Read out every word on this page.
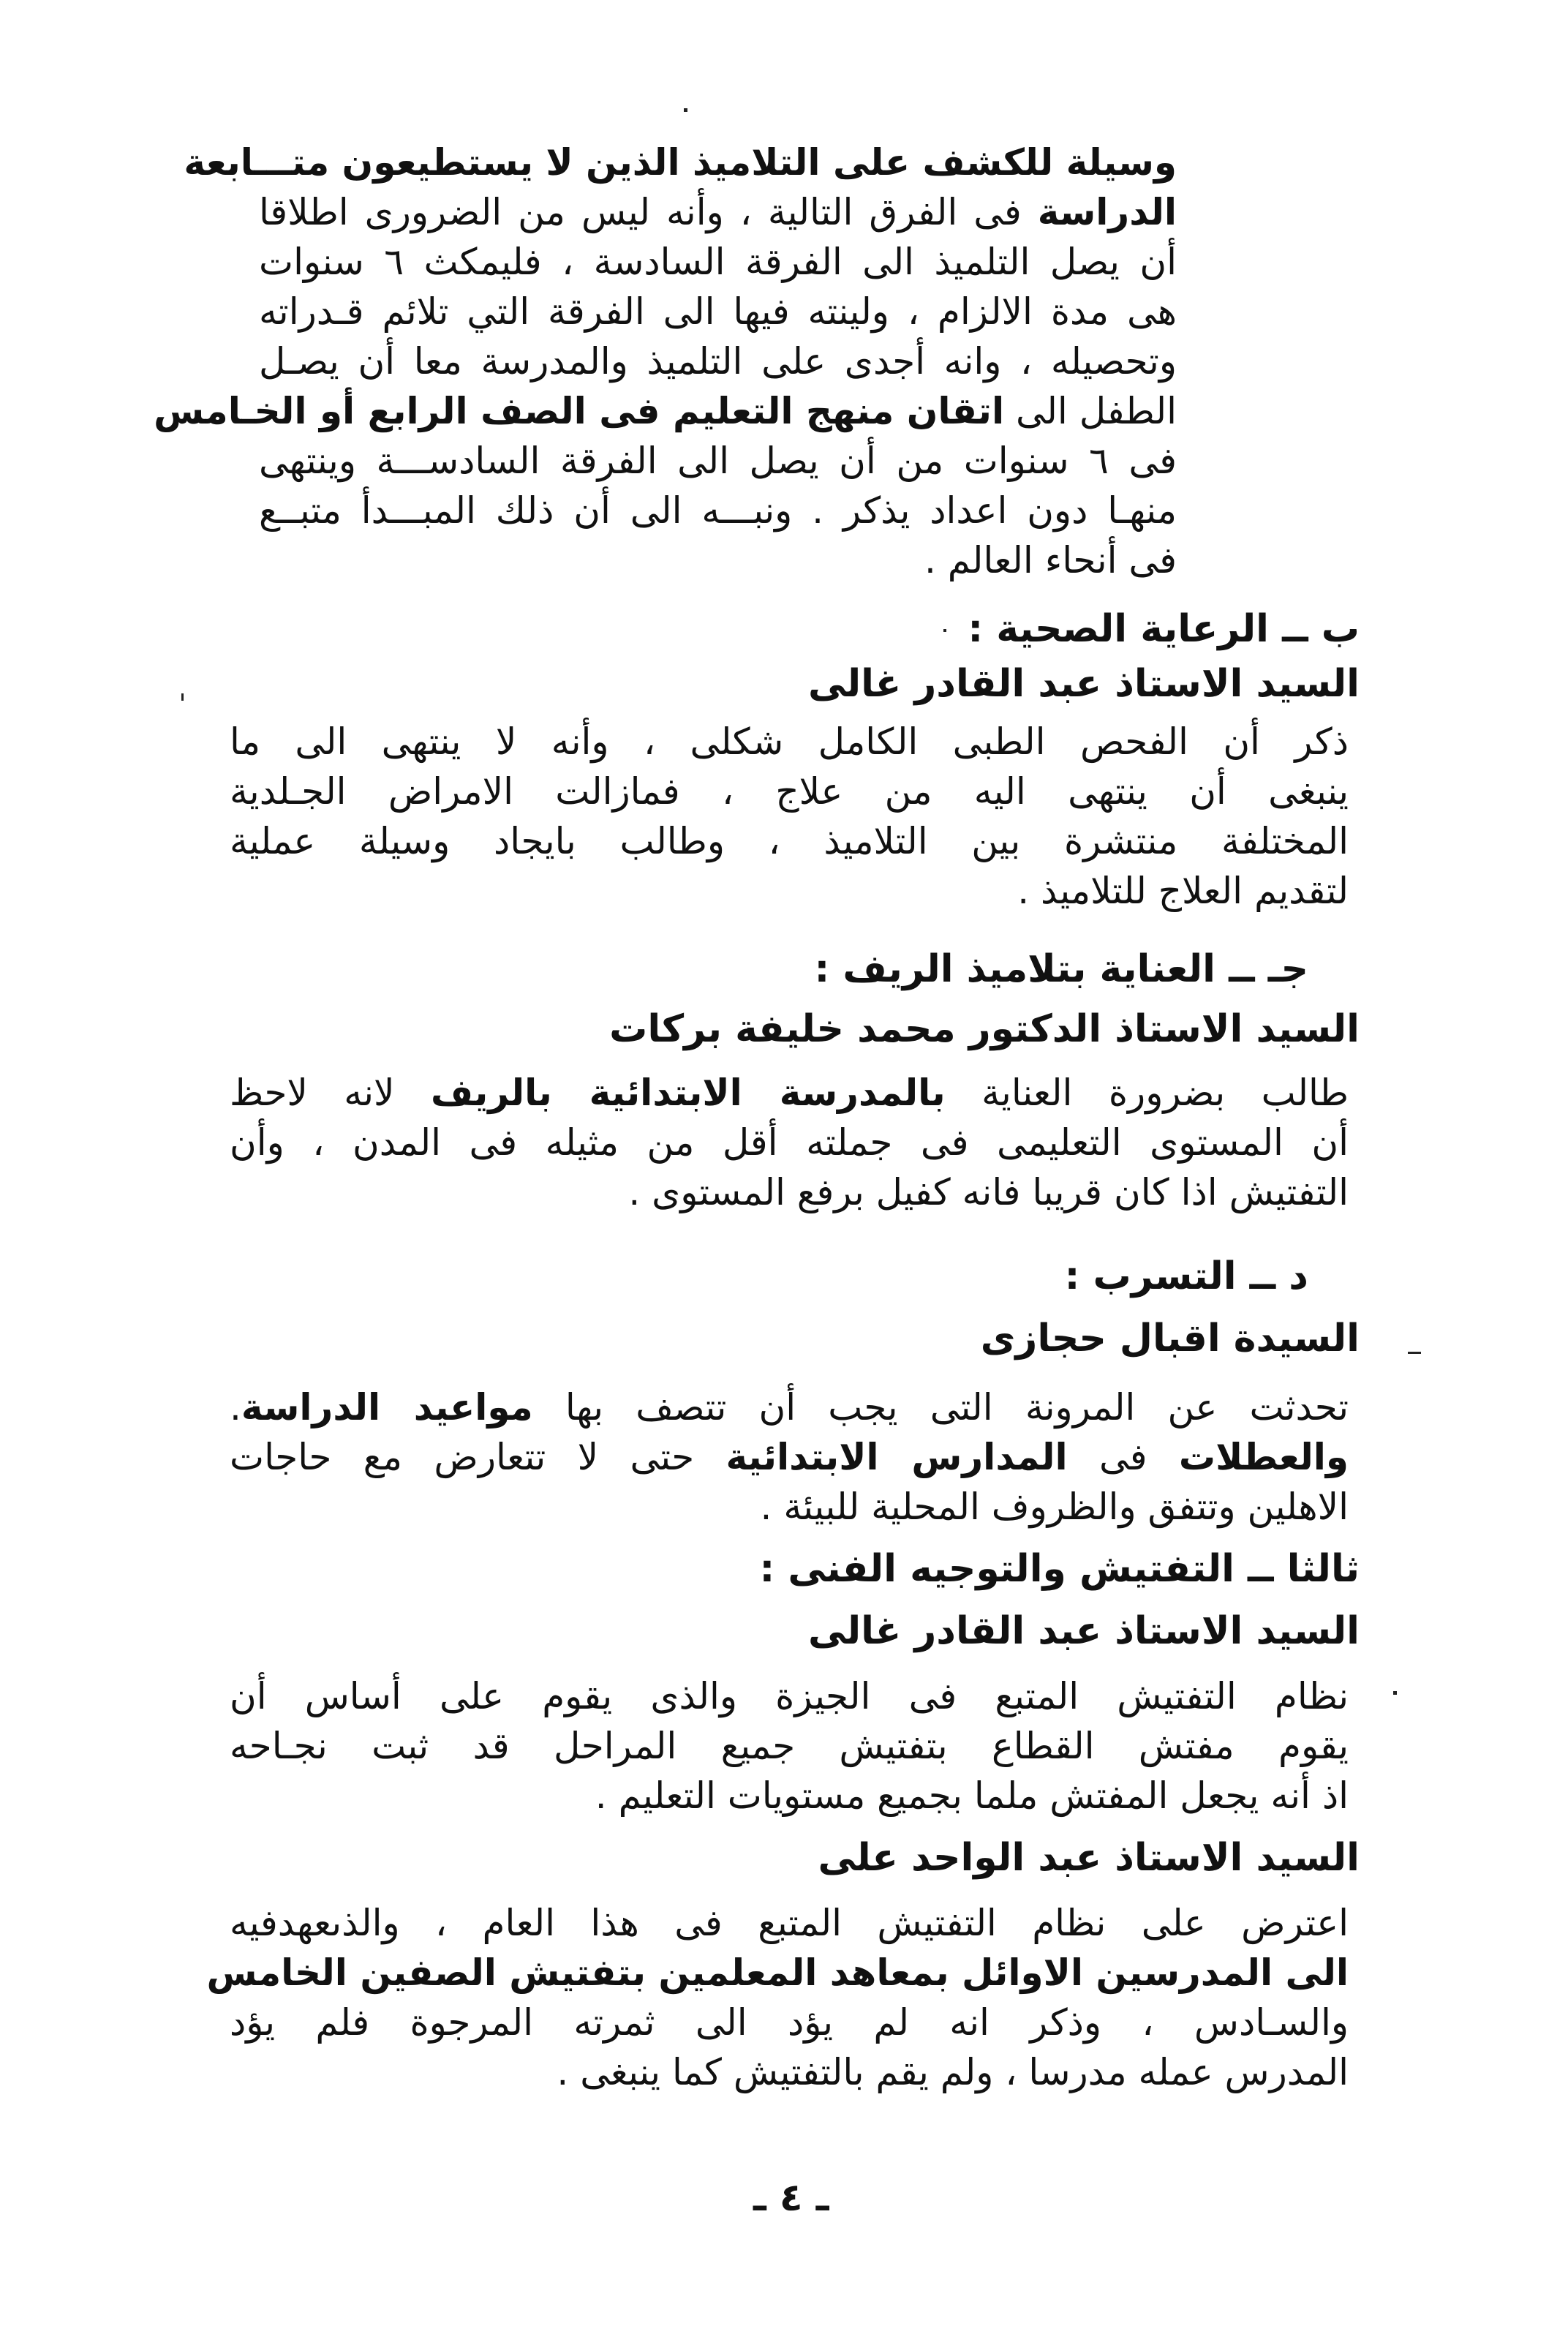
وسيلة للكشف على التلاميذ الذين لا يستطيعون متـــابعة
الدراسة فى الفرق التالية ، وأنه ليس من الضرورى اطلاقا
أن يصل التلميذ الى الفرقة السادسة ، فليمكث ٦ سنوات
هى مدة الالزام ، ولينته فيها الى الفرقة التي تلائم قـدراته
وتحصيله ، وانه أجدى على التلميذ والمدرسة معا أن يصـل
الطفل الى اتقان منهج التعليم فى الصف الرابع أو الخـامس
فى ٦ سنوات من أن يصل الى الفرقة السادســـة وينتهى
منهـا دون اعداد يذكر . ونبـــه الى أن ذلك المبـــدأ متبــع
فى أنحاء العالم .
ب ــ الرعاية الصحية :
السيد الاستاذ عبد القادر غالى
ذكر أن الفحص الطبى الكامل شكلى ، وأنه لا ينتهى الى ما
ينبغى أن ينتهى اليه من علاج ، فمازالت الامراض الجـلدية
المختلفة منتشرة بين التلاميذ ، وطالب بايجاد وسيلة عملية
لتقديم العلاج للتلاميذ .
جـ ــ العناية بتلاميذ الريف :
السيد الاستاذ الدكتور محمد خليفة بركات
طالب بضرورة العناية بالمدرسة الابتدائية بالريف لانه لاحظ
أن المستوى التعليمى فى جملته أقل من مثيله فى المدن ، وأن
التفتيش اذا كان قريبا فانه كفيل برفع المستوى .
د ــ التسرب :
السيدة اقبال حجازى
تحدثت عن المرونة التى يجب أن تتصف بها مواعيد الدراسة.
والعطلات فى المدارس الابتدائية حتى لا تتعارض مع حاجات
الاهلين وتتفق والظروف المحلية للبيئة .
ثالثا ــ التفتيش والتوجيه الفنى :
السيد الاستاذ عبد القادر غالى
نظام التفتيش المتبع فى الجيزة والذى يقوم على أساس أن
يقوم مفتش القطاع بتفتيش جميع المراحل قد ثبت نجـاحه
اذ أنه يجعل المفتش ملما بجميع مستويات التعليم .
السيد الاستاذ عبد الواحد على
اعترض على نظام التفتيش المتبع فى هذا العام ، والذىعهدفيه
الى المدرسين الاوائل بمعاهد المعلمين بتفتيش الصفين الخامس
والسـادس ، وذكر انه لم يؤد الى ثمرته المرجوة فلم يؤد
المدرس عمله مدرسا ، ولم يقم بالتفتيش كما ينبغى .
ـ ٤ ـ
